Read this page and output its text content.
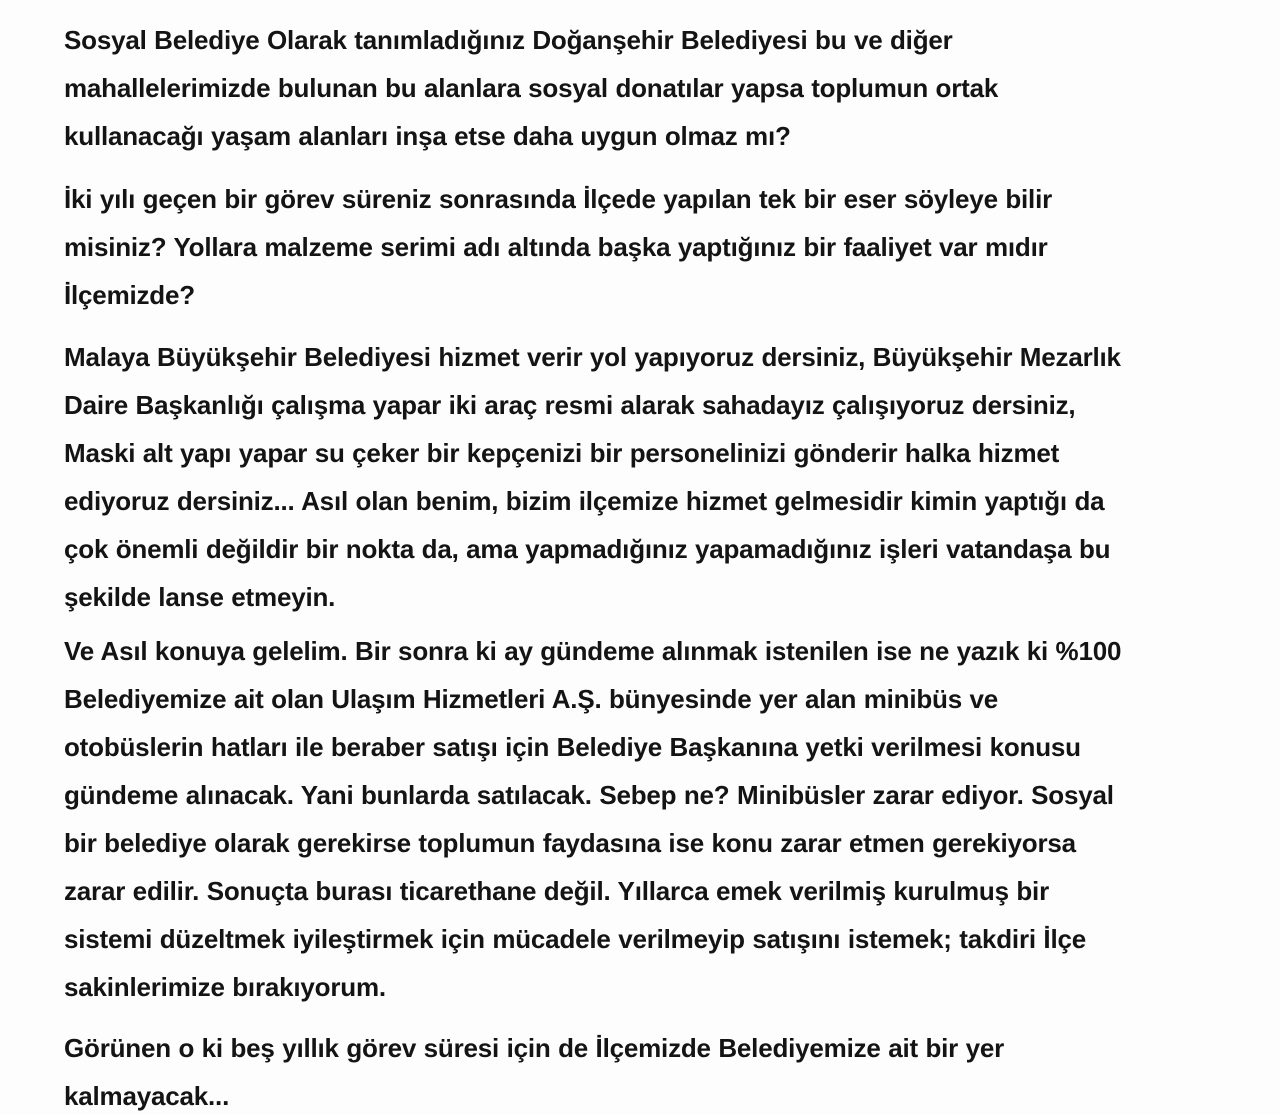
Sosyal Belediye Olarak tanımladığınız Doğanşehir Belediyesi bu ve diğer
mahallelerimizde bulunan bu alanlara sosyal donatılar yapsa toplumun ortak
kullanacağı yaşam alanları inşa etse daha uygun olmaz mı?

İki yılı geçen bir görev süreniz sonrasında İlçede yapılan tek bir eser söyleye bilir
misiniz? Yollara malzeme serimi adı altında başka yaptığınız bir faaliyet var mıdır
İlçemizde?

Malaya Büyükşehir Belediyesi hizmet verir yol yapıyoruz dersiniz, Büyükşehir Mezarlık
Daire Başkanlığı çalışma yapar iki araç resmi alarak sahadayız çalışıyoruz dersiniz,
Maski alt yapı yapar su çeker bir kepçenizi bir personelinizi gönderir halka hizmet
ediyoruz dersiniz... Asıl olan benim, bizim ilçemize hizmet gelmesidir kimin yaptığı da
çok önemli değildir bir nokta da, ama yapmadığınız yapamadığınız işleri vatandaşa bu
şekilde lanse etmeyin.

Ve Asıl konuya gelelim. Bir sonra ki ay gündeme alınmak istenilen ise ne yazık ki %100
Belediyemize ait olan Ulaşım Hizmetleri A.Ş. bünyesinde yer alan minibüs ve
otobüslerin hatları ile beraber satışı için Belediye Başkanına yetki verilmesi konusu
gündeme alınacak. Yani bunlarda satılacak. Sebep ne? Minibüsler zarar ediyor. Sosyal
bir belediye olarak gerekirse toplumun faydasına ise konu zarar etmen gerekiyorsa
zarar edilir. Sonuçta burası ticarethane değil. Yıllarca emek verilmiş kurulmuş bir
sistemi düzeltmek iyileştirmek için mücadele verilmeyip satışını istemek; takdiri İlçe
sakinlerimize bırakıyorum.

Görünen o ki beş yıllık görev süresi için de İlçemizde Belediyemize ait bir yer
kalmayacak...
